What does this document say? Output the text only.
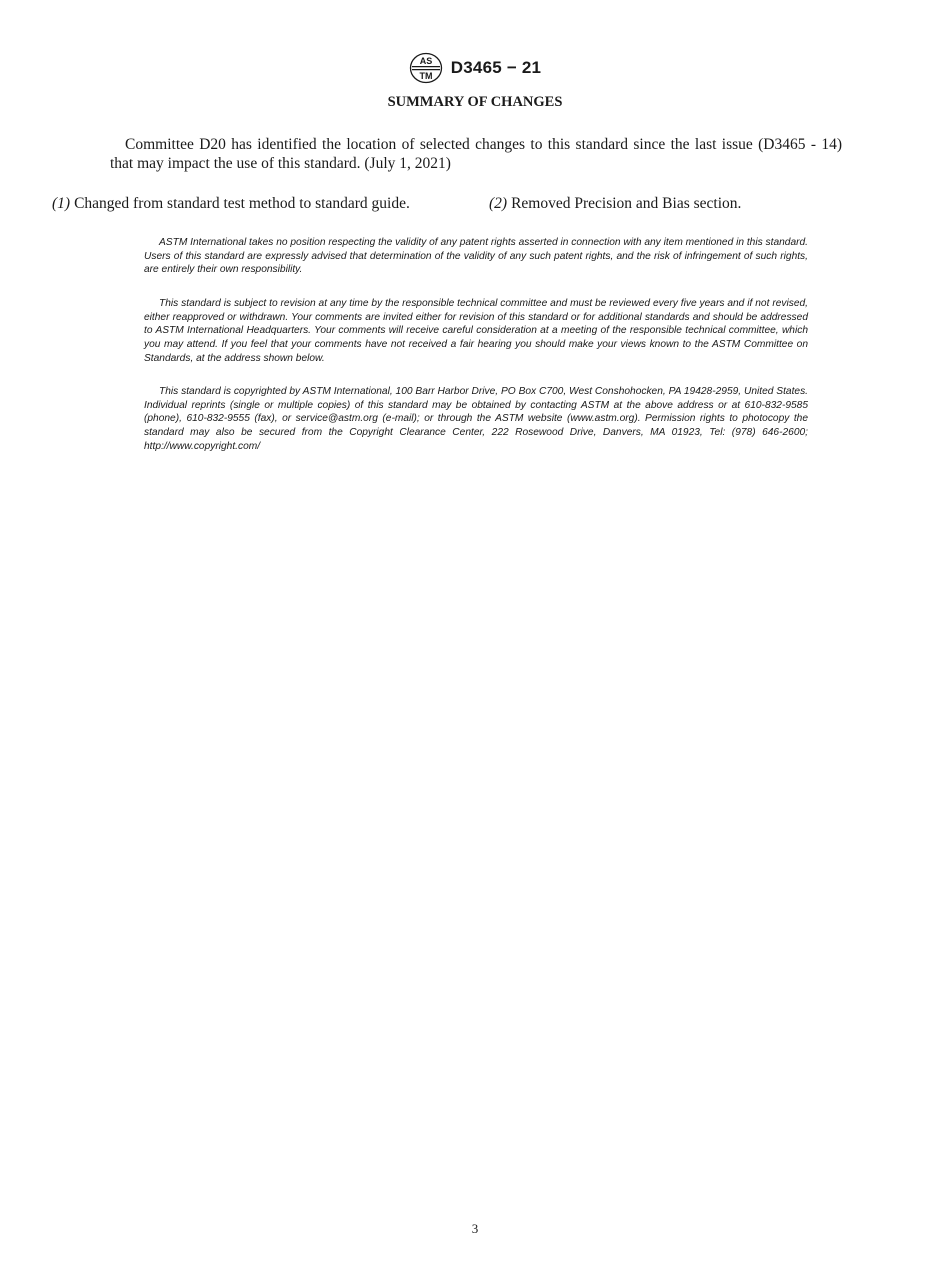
AS
TM D3465 − 21
SUMMARY OF CHANGES

Committee D20 has identified the location of selected changes to this standard since the last issue (D3465 - 14) that may impact the use of this standard. (July 1, 2021)

(1) Changed from standard test method to standard guide.	(2) Removed Precision and Bias section.

ASTM International takes no position respecting the validity of any patent rights asserted in connection with any item mentioned in this standard. Users of this standard are expressly advised that determination of the validity of any such patent rights, and the risk of infringement of such rights, are entirely their own responsibility.

This standard is subject to revision at any time by the responsible technical committee and must be reviewed every five years and if not revised, either reapproved or withdrawn. Your comments are invited either for revision of this standard or for additional standards and should be addressed to ASTM International Headquarters. Your comments will receive careful consideration at a meeting of the responsible technical committee, which you may attend. If you feel that your comments have not received a fair hearing you should make your views known to the ASTM Committee on Standards, at the address shown below.

This standard is copyrighted by ASTM International, 100 Barr Harbor Drive, PO Box C700, West Conshohocken, PA 19428-2959, United States. Individual reprints (single or multiple copies) of this standard may be obtained by contacting ASTM at the above address or at 610-832-9585 (phone), 610-832-9555 (fax), or service@astm.org (e-mail); or through the ASTM website (www.astm.org). Permission rights to photocopy the standard may also be secured from the Copyright Clearance Center, 222 Rosewood Drive, Danvers, MA 01923, Tel: (978) 646-2600; http://www.copyright.com/

3
